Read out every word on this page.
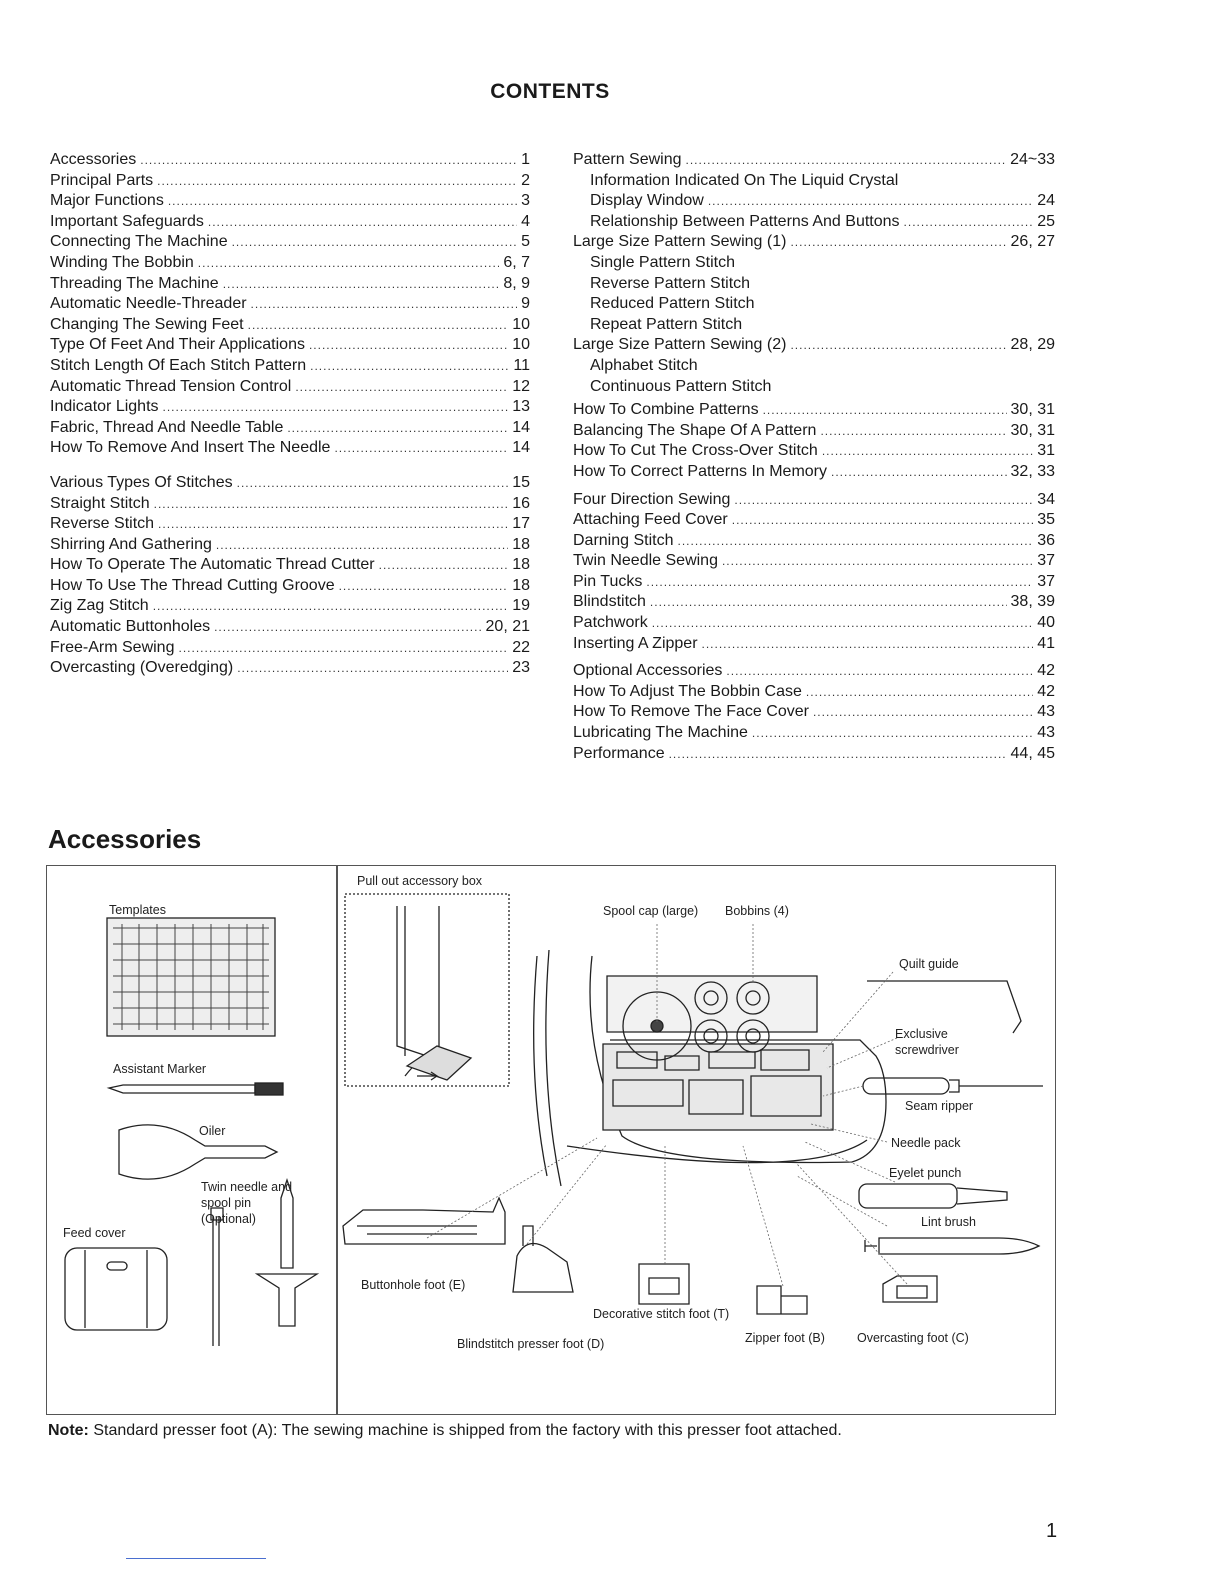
CONTENTS
Accessories .....	1
Principal Parts .....	2
Major Functions .....	3
Important Safeguards .....	4
Connecting The Machine .....	5
Winding The Bobbin .....	6, 7
Threading The Machine .....	8, 9
Automatic Needle-Threader .....	9
Changing The Sewing Feet .....	10
Type Of Feet And Their Applications .....	10
Stitch Length Of Each Stitch Pattern .....	11
Automatic Thread Tension Control .....	12
Indicator Lights .....	13
Fabric, Thread And Needle Table .....	14
How To Remove And Insert The Needle .....	14
Various Types Of Stitches .....	15
Straight Stitch .....	16
Reverse Stitch .....	17
Shirring And Gathering .....	18
How To Operate The Automatic Thread Cutter .....	18
How To Use The Thread Cutting Groove .....	18
Zig Zag Stitch .....	19
Automatic Buttonholes .....	20, 21
Free-Arm Sewing .....	22
Overcasting (Overedging) .....	23
Pattern Sewing .....	24~33
Information Indicated On The Liquid Crystal
Display Window .....	24
Relationship Between Patterns And Buttons .....	25
Large Size Pattern Sewing (1) .....	26, 27
Single Pattern Stitch
Reverse Pattern Stitch
Reduced Pattern Stitch
Repeat Pattern Stitch
Large Size Pattern Sewing (2) .....	28, 29
Alphabet Stitch
Continuous Pattern Stitch
How To Combine Patterns .....	30, 31
Balancing The Shape Of A Pattern .....	30, 31
How To Cut The Cross-Over Stitch .....	31
How To Correct Patterns In Memory .....	32, 33
Four Direction Sewing .....	34
Attaching Feed Cover .....	35
Darning Stitch .....	36
Twin Needle Sewing .....	37
Pin Tucks .....	37
Blindstitch .....	38, 39
Patchwork .....	40
Inserting A Zipper .....	41
Optional Accessories .....	42
How To Adjust The Bobbin Case .....	42
How To Remove The Face Cover .....	43
Lubricating The Machine .....	43
Performance .....	44, 45
Accessories
Templates
Assistant Marker
Oiler
Twin needle and
spool pin
(Optional)
Feed cover
Pull out accessory box
Spool cap (large) Bobbins (4)
Quilt guide
Exclusive
screwdriver
Seam ripper
Needle pack
Eyelet punch
Lint brush
Buttonhole foot (E)
Decorative stitch foot (T)
Blindstitch presser foot (D)	Zipper foot (B)	Overcasting foot (C)
Note: Standard presser foot (A): The sewing machine is shipped from the factory with this presser foot attached.
1
